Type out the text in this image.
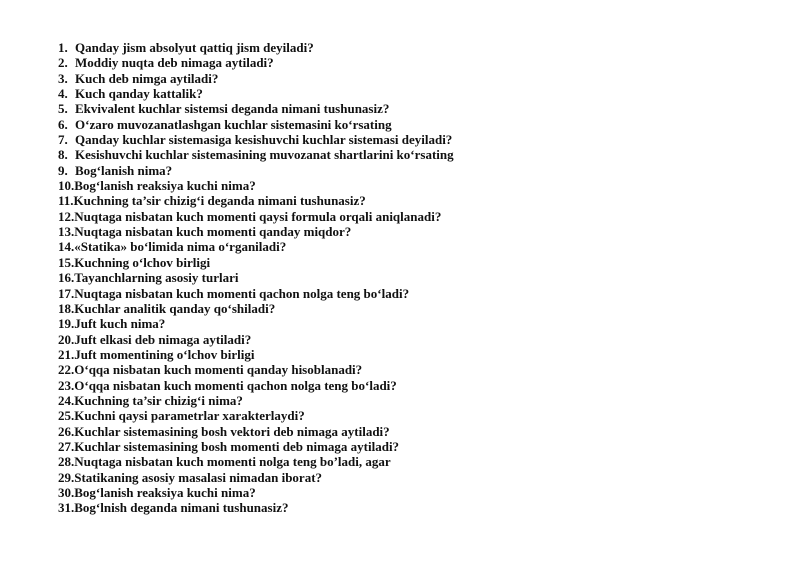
1. Qanday jism absolyut qattiq jism deyiladi?
2. Moddiy nuqta deb nimaga aytiladi?
3. Kuch deb nimga aytiladi?
4. Kuch qanday kattalik?
5. Ekvivalent kuchlar sistemsi deganda nimani tushunasiz?
6. O‘zaro muvozanatlashgan kuchlar sistemasini ko‘rsating
7. Qanday kuchlar sistemasiga kesishuvchi kuchlar sistemasi deyiladi?
8. Kesishuvchi kuchlar sistemasining muvozanat shartlarini ko‘rsating
9. Bog‘lanish nima?
10. Bog‘lanish reaksiya kuchi nima?
11. Kuchning ta’sir chizig‘i deganda nimani tushunasiz?
12. Nuqtaga nisbatan kuch momenti qaysi formula orqali aniqlanadi?
13. Nuqtaga nisbatan kuch momenti qanday miqdor?
14. «Statika» bo‘limida nima o‘rganiladi?
15. Kuchning o‘lchov birligi
16. Tayanchlarning asosiy turlari
17. Nuqtaga nisbatan kuch momenti qachon nolga teng bo‘ladi?
18. Kuchlar analitik qanday qo‘shiladi?
19. Juft kuch nima?
20. Juft elkasi deb nimaga aytiladi?
21. Juft momentining o‘lchov birligi
22. O‘qqa nisbatan kuch momenti qanday hisoblanadi?
23. O‘qqa nisbatan kuch momenti qachon nolga teng bo‘ladi?
24. Kuchning ta’sir chizig‘i nima?
25. Kuchni qaysi parametrlar xarakterlaydi?
26. Kuchlar sistemasining bosh vektori deb nimaga aytiladi?
27. Kuchlar sistemasining bosh momenti deb nimaga aytiladi?
28. Nuqtaga nisbatan kuch momenti nolga teng bo’ladi, agar
29. Statikaning asosiy masalasi nimadan iborat?
30. Bog‘lanish reaksiya kuchi nima?
31. Bog‘lnish deganda nimani tushunasiz?
